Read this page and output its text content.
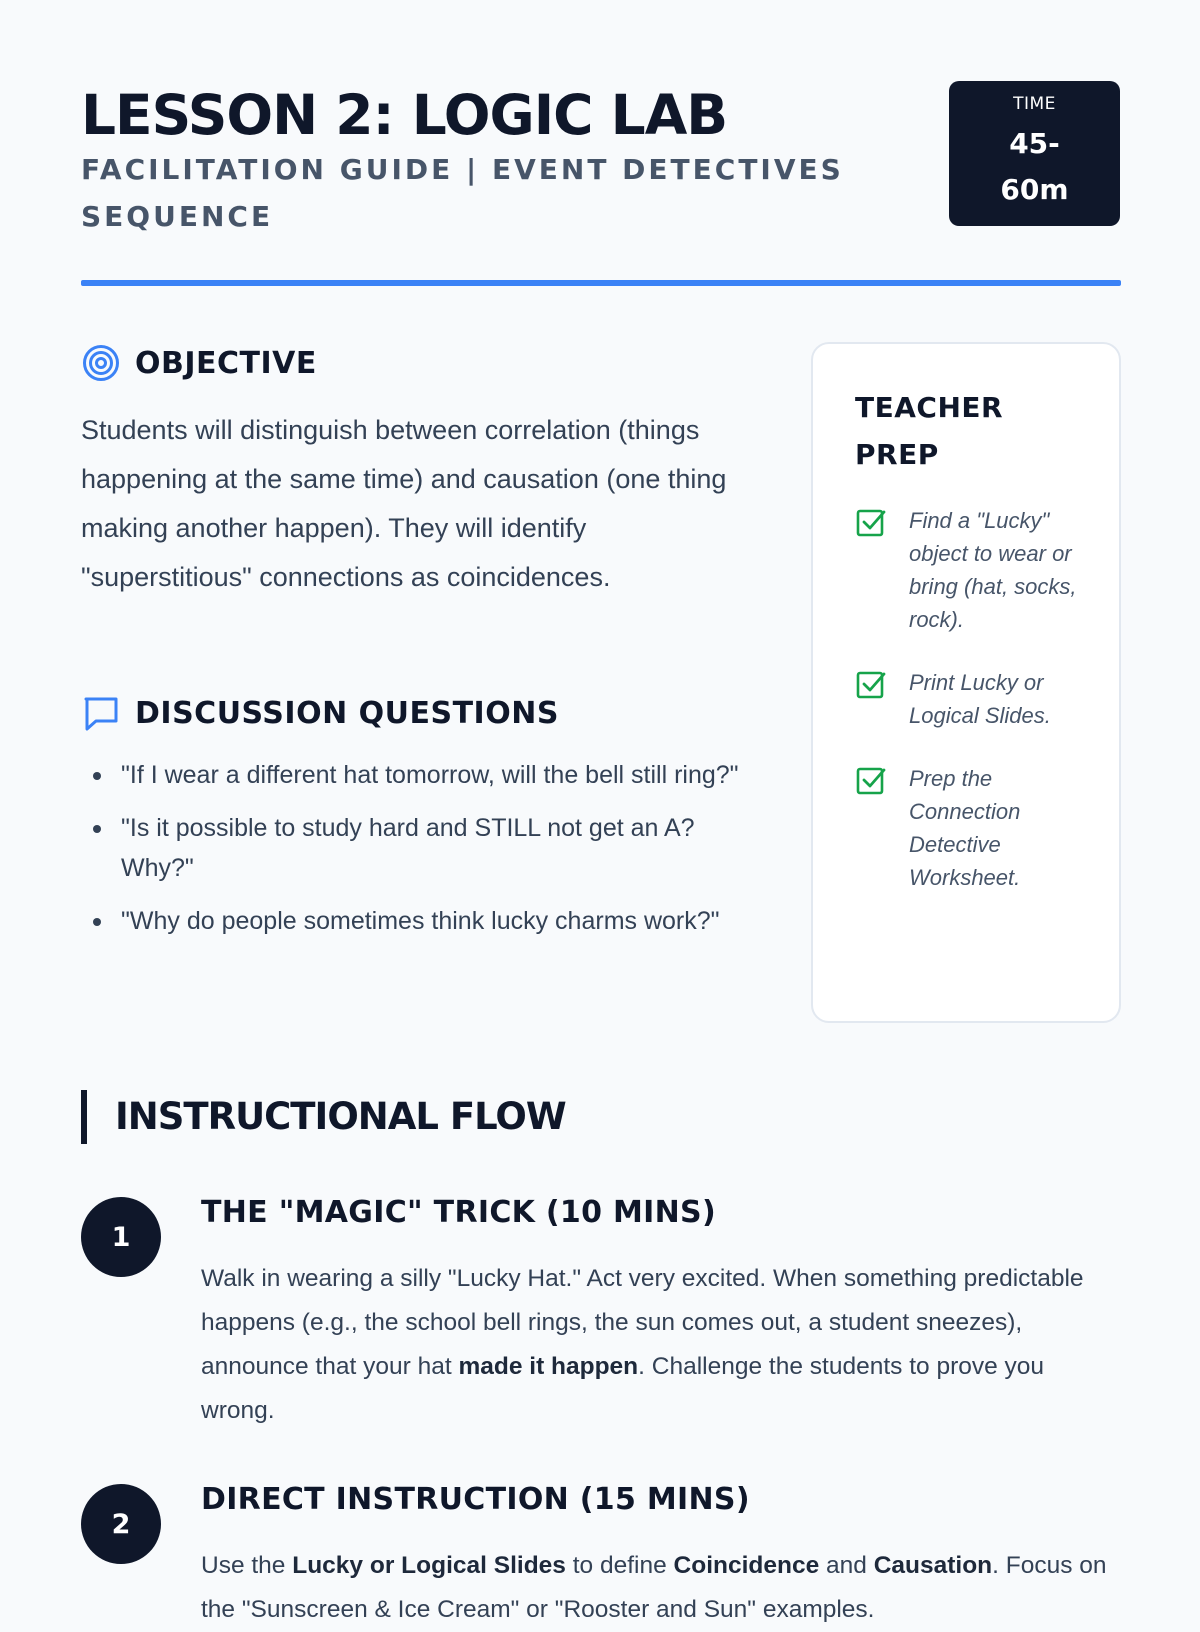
LESSON 2: LOGIC LAB
FACILITATION GUIDE | EVENT DETECTIVES SEQUENCE
TIME
45-60m
OBJECTIVE

Students will distinguish between correlation (things happening at the same time) and causation (one thing making another happen). They will identify "superstitious" connections as coincidences.

DISCUSSION QUESTIONS
"If I wear a different hat tomorrow, will the bell still ring?"
"Is it possible to study hard and STILL not get an A? Why?"
"Why do people sometimes think lucky charms work?"
TEACHER PREP
Find a "Lucky" object to wear or bring (hat, socks, rock).
Print Lucky or Logical Slides.
Prep the Connection Detective Worksheet.
INSTRUCTIONAL FLOW
1
THE "MAGIC" TRICK (10 MINS)

Walk in wearing a silly "Lucky Hat." Act very excited. When something predictable happens (e.g., the school bell rings, the sun comes out, a student sneezes), announce that your hat made it happen. Challenge the students to prove you wrong.

2
DIRECT INSTRUCTION (15 MINS)

Use the Lucky or Logical Slides to define Coincidence and Causation. Focus on the "Sunscreen & Ice Cream" or "Rooster and Sun" examples.
